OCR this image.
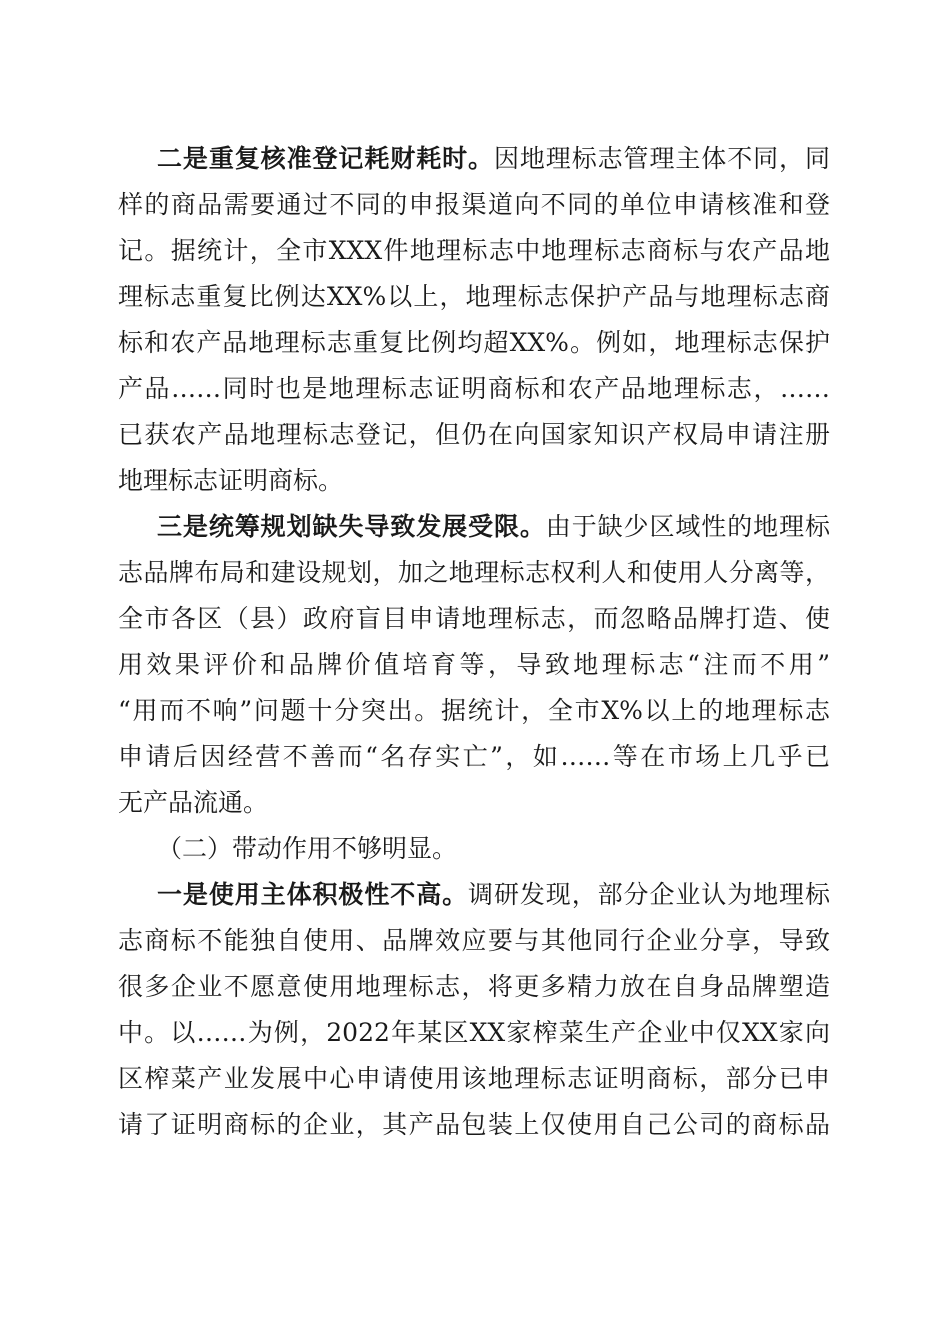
二是重复核准登记耗财耗时。因地理标志管理主体不同，同
样的商品需要通过不同的申报渠道向不同的单位申请核准和登
记。据统计，全市XXX件地理标志中地理标志商标与农产品地
理标志重复比例达XX%以上，地理标志保护产品与地理标志商
标和农产品地理标志重复比例均超XX%。例如，地理标志保护
产品……同时也是地理标志证明商标和农产品地理标志，……
已获农产品地理标志登记，但仍在向国家知识产权局申请注册
地理标志证明商标。
三是统筹规划缺失导致发展受限。由于缺少区域性的地理标
志品牌布局和建设规划，加之地理标志权利人和使用人分离等，
全市各区（县）政府盲目申请地理标志，而忽略品牌打造、使
用效果评价和品牌价值培育等，导致地理标志“注而不用”
“用而不响”问题十分突出。据统计，全市X%以上的地理标志
申请后因经营不善而“名存实亡”，如……等在市场上几乎已
无产品流通。
（二）带动作用不够明显。
一是使用主体积极性不高。调研发现，部分企业认为地理标
志商标不能独自使用、品牌效应要与其他同行企业分享，导致
很多企业不愿意使用地理标志，将更多精力放在自身品牌塑造
中。以……为例，2022年某区XX家榨菜生产企业中仅XX家向
区榨菜产业发展中心申请使用该地理标志证明商标，部分已申
请了证明商标的企业，其产品包装上仅使用自己公司的商标品
